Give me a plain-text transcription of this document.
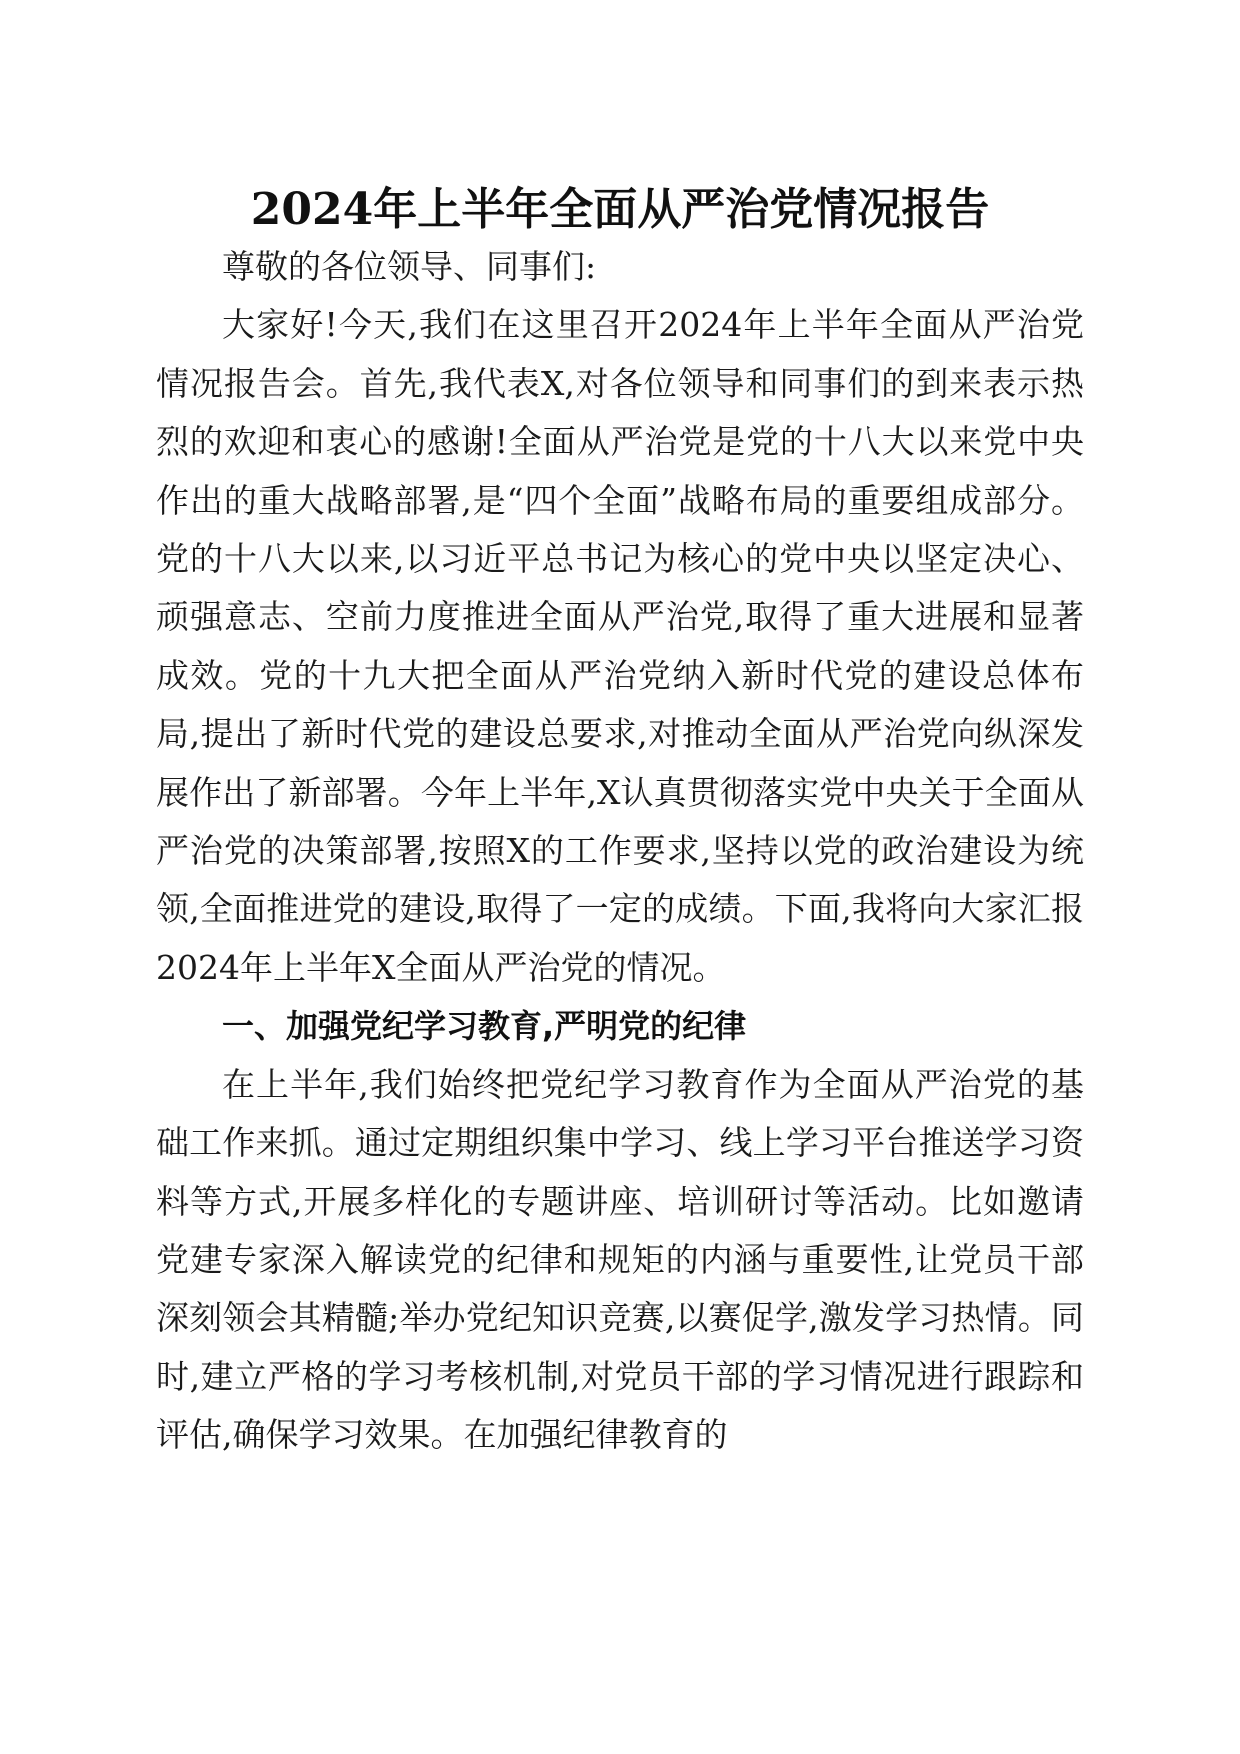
2024年上半年全面从严治党情况报告

尊敬的各位领导、同事们:

大家好!今天,我们在这里召开2024年上半年全面从严治党情况报告会。首先,我代表X,对各位领导和同事们的到来表示热烈的欢迎和衷心的感谢!全面从严治党是党的十八大以来党中央作出的重大战略部署,是“四个全面”战略布局的重要组成部分。党的十八大以来,以习近平总书记为核心的党中央以坚定决心、顽强意志、空前力度推进全面从严治党,取得了重大进展和显著成效。党的十九大把全面从严治党纳入新时代党的建设总体布局,提出了新时代党的建设总要求,对推动全面从严治党向纵深发展作出了新部署。今年上半年,X认真贯彻落实党中央关于全面从严治党的决策部署,按照X的工作要求,坚持以党的政治建设为统领,全面推进党的建设,取得了一定的成绩。下面,我将向大家汇报2024年上半年X全面从严治党的情况。

一、加强党纪学习教育,严明党的纪律

在上半年,我们始终把党纪学习教育作为全面从严治党的基础工作来抓。通过定期组织集中学习、线上学习平台推送学习资料等方式,开展多样化的专题讲座、培训研讨等活动。比如邀请党建专家深入解读党的纪律和规矩的内涵与重要性,让党员干部深刻领会其精髓;举办党纪知识竞赛,以赛促学,激发学习热情。同时,建立严格的学习考核机制,对党员干部的学习情况进行跟踪和评估,确保学习效果。在加强纪律教育的
